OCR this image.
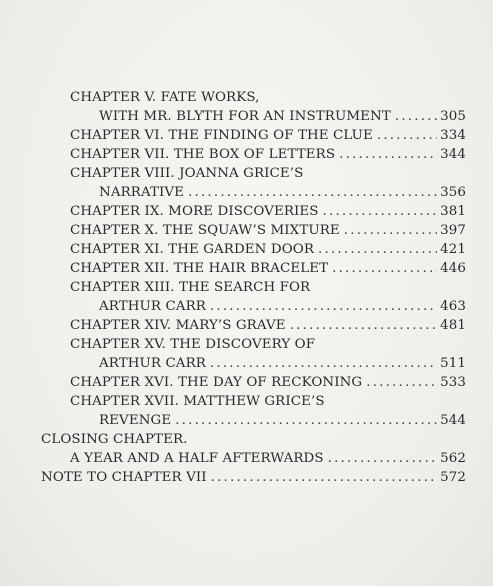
CHAPTER V. FATE WORKS,
WITH MR. BLYTH FOR AN INSTRUMENT .....	305
CHAPTER VI. THE FINDING OF THE CLUE .....	334
CHAPTER VII. THE BOX OF LETTERS .....	344
CHAPTER VIII. JOANNA GRICE’S
NARRATIVE .....	356
CHAPTER IX. MORE DISCOVERIES .....	381
CHAPTER X. THE SQUAW’S MIXTURE .....	397
CHAPTER XI. THE GARDEN DOOR .....	421
CHAPTER XII. THE HAIR BRACELET .....	446
CHAPTER XIII. THE SEARCH FOR
ARTHUR CARR .....	463
CHAPTER XIV. MARY’S GRAVE .....	481
CHAPTER XV. THE DISCOVERY OF
ARTHUR CARR .....	511
CHAPTER XVI. THE DAY OF RECKONING .....	533
CHAPTER XVII. MATTHEW GRICE’S
REVENGE .....	544
CLOSING CHAPTER.
A YEAR AND A HALF AFTERWARDS .....	562
NOTE TO CHAPTER VII .....	572
